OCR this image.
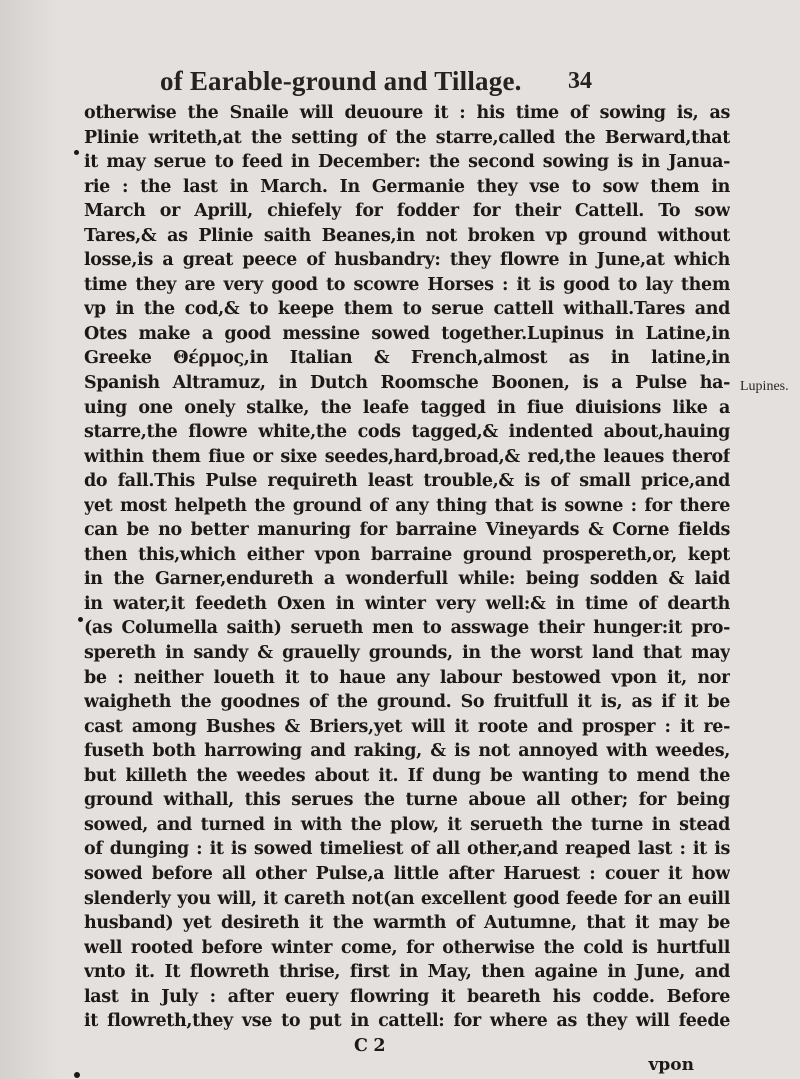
of Earable-ground and Tillage. 34
otherwise the Snaile will deuoure it : his time of sowing is, as
Plinie writeth,at the setting of the starre,called the Berward,that
it may serue to feed in December: the second sowing is in Janua-
rie : the last in March. In Germanie they vse to sow them in
March or Aprill, chiefely for fodder for their Cattell. To sow
Tares,& as Plinie saith Beanes,in not broken vp ground without
losse,is a great peece of husbandry: they flowre in June,at which
time they are very good to scowre Horses : it is good to lay them
vp in the cod,& to keepe them to serue cattell withall.Tares and
Otes make a good messine sowed together.Lupinus in Latine,in
Greeke Θέρμος,in Italian & French,almost as in latine,in
Spanish Altramuz, in Dutch Roomsche Boonen, is a Pulse ha-
uing one onely stalke, the leafe tagged in fiue diuisions like a
starre,the flowre white,the cods tagged,& indented about,hauing
within them fiue or sixe seedes,hard,broad,& red,the leaues therof
do fall.This Pulse requireth least trouble,& is of small price,and
yet most helpeth the ground of any thing that is sowne : for there
can be no better manuring for barraine Vineyards & Corne fields
then this,which either vpon barraine ground prospereth,or, kept
in the Garner,endureth a wonderfull while: being sodden & laid
in water,it feedeth Oxen in winter very well:& in time of dearth
(as Columella saith) serueth men to asswage their hunger:it pro-
spereth in sandy & grauelly grounds, in the worst land that may
be : neither loueth it to haue any labour bestowed vpon it, nor
waigheth the goodnes of the ground. So fruitfull it is, as if it be
cast among Bushes & Briers,yet will it roote and prosper : it re-
fuseth both harrowing and raking, & is not annoyed with weedes,
but killeth the weedes about it. If dung be wanting to mend the
ground withall, this serues the turne aboue all other; for being
sowed, and turned in with the plow, it serueth the turne in stead
of dunging : it is sowed timeliest of all other,and reaped last : it is
sowed before all other Pulse,a little after Haruest : couer it how
slenderly you will, it careth not(an excellent good feede for an euill
husband) yet desireth it the warmth of Autumne, that it may be
well rooted before winter come, for otherwise the cold is hurtfull
vnto it. It flowreth thrise, first in May, then againe in June, and
last in July : after euery flowring it beareth his codde. Before
it flowreth,they vse to put in cattell: for where as they will feede
C 2
Lupines.
vpon
